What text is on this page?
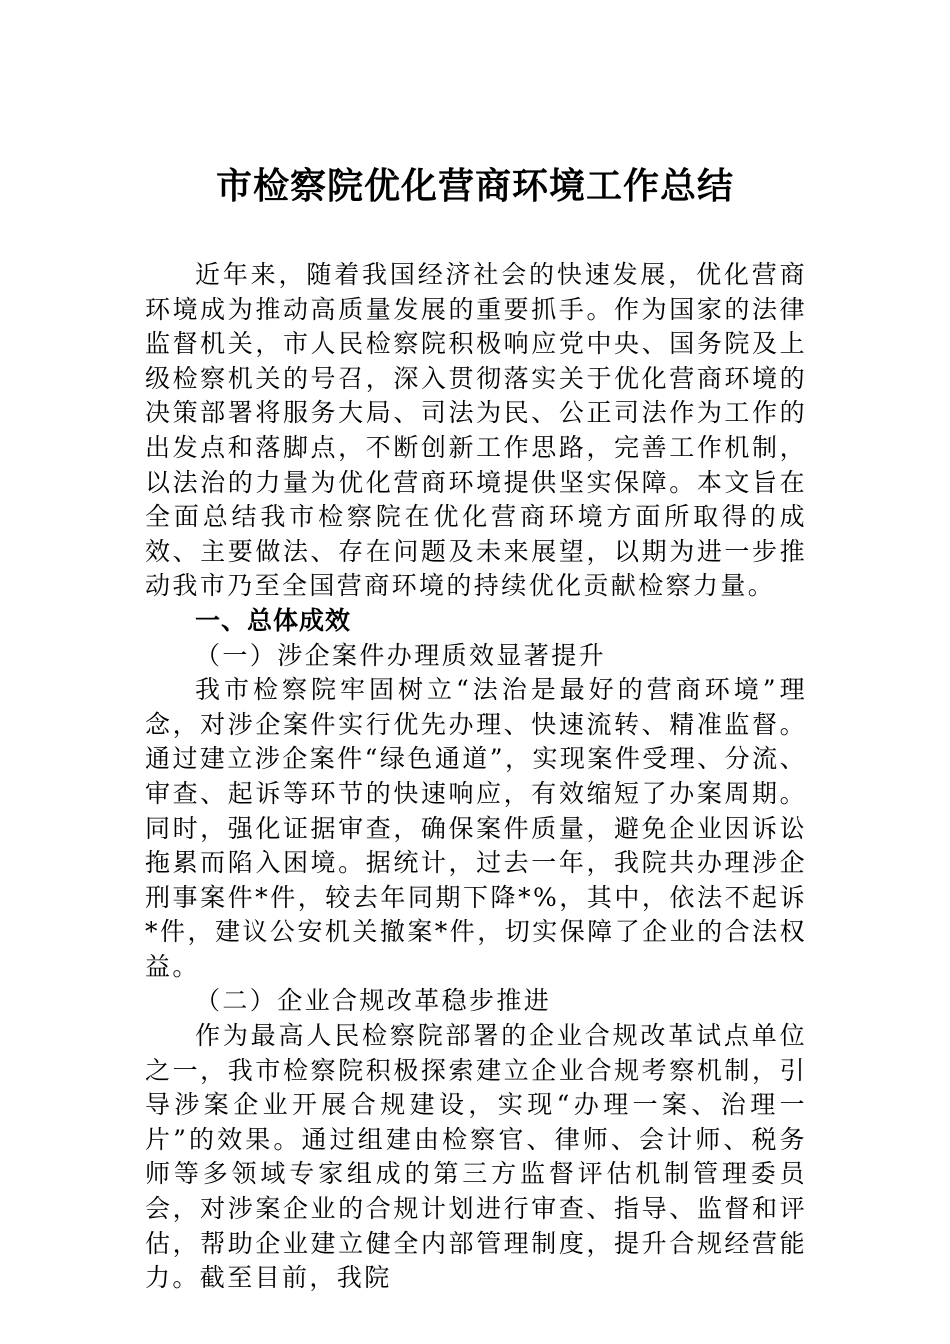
市检察院优化营商环境工作总结

近年来，随着我国经济社会的快速发展，优化营商环境成为推动高质量发展的重要抓手。作为国家的法律监督机关，市人民检察院积极响应党中央、国务院及上级检察机关的号召，深入贯彻落实关于优化营商环境的决策部署将服务大局、司法为民、公正司法作为工作的出发点和落脚点，不断创新工作思路，完善工作机制，以法治的力量为优化营商环境提供坚实保障。本文旨在全面总结我市检察院在优化营商环境方面所取得的成效、主要做法、存在问题及未来展望，以期为进一步推动我市乃至全国营商环境的持续优化贡献检察力量。

一、总体成效

（一）涉企案件办理质效显著提升

我市检察院牢固树立“法治是最好的营商环境”理念，对涉企案件实行优先办理、快速流转、精准监督。通过建立涉企案件“绿色通道”，实现案件受理、分流、审查、起诉等环节的快速响应，有效缩短了办案周期。同时，强化证据审查，确保案件质量，避免企业因诉讼拖累而陷入困境。据统计，过去一年，我院共办理涉企刑事案件*件，较去年同期下降*%，其中，依法不起诉*件，建议公安机关撤案*件，切实保障了企业的合法权益。

（二）企业合规改革稳步推进

作为最高人民检察院部署的企业合规改革试点单位之一，我市检察院积极探索建立企业合规考察机制，引导涉案企业开展合规建设，实现“办理一案、治理一片”的效果。通过组建由检察官、律师、会计师、税务师等多领域专家组成的第三方监督评估机制管理委员会，对涉案企业的合规计划进行审查、指导、监督和评估，帮助企业建立健全内部管理制度，提升合规经营能力。截至目前，我院
